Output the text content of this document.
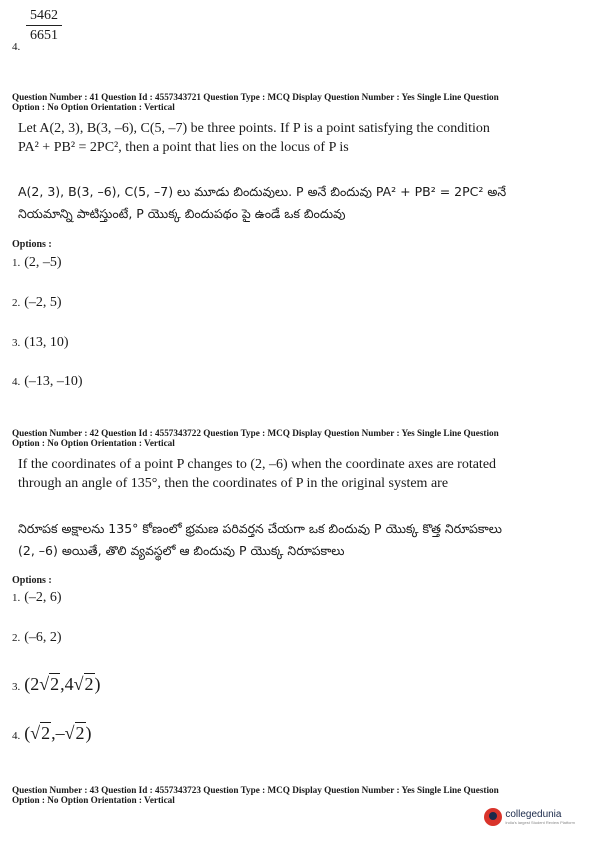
4.
$\frac{5462}{6651}$
Question Number : 41 Question Id : 4557343721 Question Type : MCQ Display Question Number : Yes Single Line Question
Option : No Option Orientation : Vertical
Let A(2, 3), B(3, –6), C(5, –7) be three points. If P is a point satisfying the condition
PA² + PB² = 2PC², then a point that lies on the locus of P is
A(2, 3), B(3, –6), C(5, –7) లు మూడు బిందువులు. P అనే బిందువు PA² + PB² = 2PC² అనే
నియమాన్ని పాటిస్తుంటే, P యొక్క బిందుపథం పై ఉండే ఒక బిందువు
Options :
1. (2, –5)
2. (–2, 5)
3. (13, 10)
4. (–13, –10)
Question Number : 42 Question Id : 4557343722 Question Type : MCQ Display Question Number : Yes Single Line Question
Option : No Option Orientation : Vertical
If the coordinates of a point P changes to (2, –6) when the coordinate axes are rotated
through an angle of 135°, then the coordinates of P in the original system are
నిరూపక అక్షాలను 135° కోణంలో భ్రమణ పరివర్తన చేయగా ఒక బిందువు P యొక్క కొత్త నిరూపకాలు
(2, –6) అయితే, తొలి వ్యవస్థలో ఆ బిందువు P యొక్క నిరూపకాలు
Options :
1. (–2, 6)
2. (–6, 2)
3. (2√2,4√2)
4. (√2,–√2)
Question Number : 43 Question Id : 4557343723 Question Type : MCQ Display Question Number : Yes Single Line Question
Option : No Option Orientation : Vertical
collegedunia
India's largest Student Review Platform
